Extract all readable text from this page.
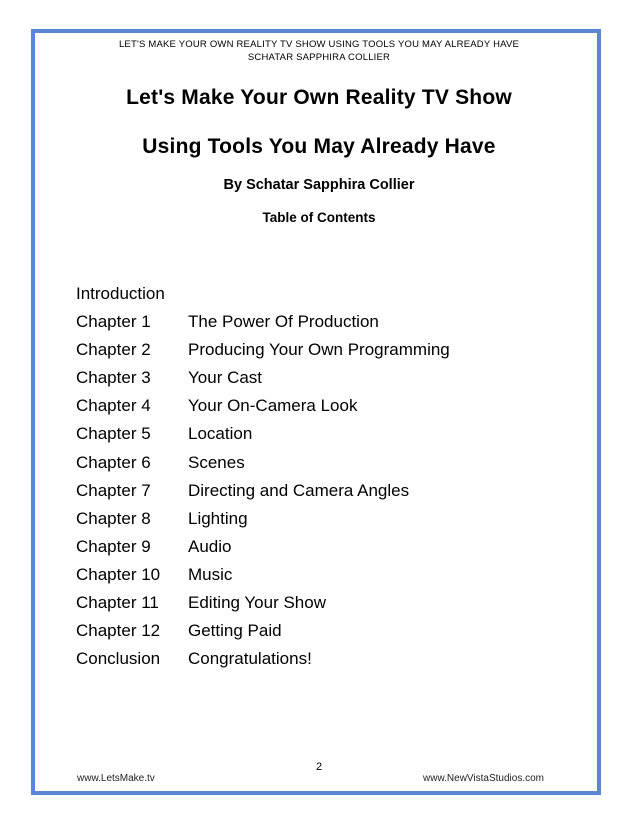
LET'S MAKE YOUR OWN REALITY TV SHOW USING TOOLS YOU MAY ALREADY HAVE
SCHATAR SAPPHIRA COLLIER
Let's Make Your Own Reality TV Show
Using Tools You May Already Have
By Schatar Sapphira Collier
Table of Contents
Introduction
Chapter 1 The Power Of Production
Chapter 2 Producing Your Own Programming
Chapter 3 Your Cast
Chapter 4 Your On-Camera Look
Chapter 5 Location
Chapter 6 Scenes
Chapter 7 Directing and Camera Angles
Chapter 8 Lighting
Chapter 9 Audio
Chapter 10 Music
Chapter 11 Editing Your Show
Chapter 12 Getting Paid
Conclusion Congratulations!
2
www.LetsMake.tv	www.NewVistaStudios.com
